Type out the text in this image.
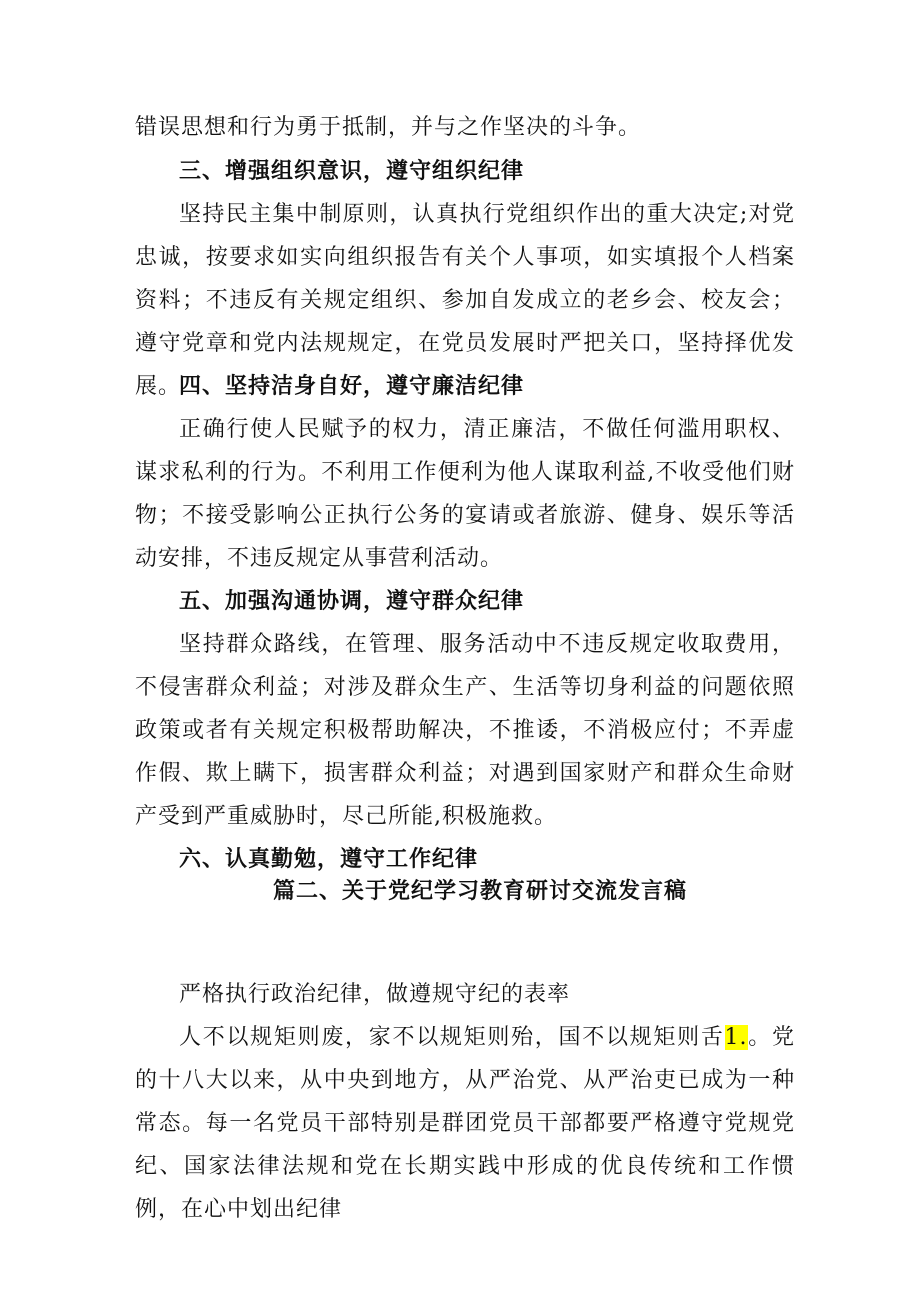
错误思想和行为勇于抵制，并与之作坚决的斗争。

三、增强组织意识，遵守组织纪律

坚持民主集中制原则，认真执行党组织作出的重大决定;对党忠诚，按要求如实向组织报告有关个人事项，如实填报个人档案资料；不违反有关规定组织、参加自发成立的老乡会、校友会；遵守党章和党内法规规定，在党员发展时严把关口，坚持择优发展。

四、坚持洁身自好，遵守廉洁纪律

正确行使人民赋予的权力，清正廉洁，不做任何滥用职权、谋求私利的行为。不利用工作便利为他人谋取利益,不收受他们财物；不接受影响公正执行公务的宴请或者旅游、健身、娱乐等活动安排，不违反规定从事营利活动。

五、加强沟通协调，遵守群众纪律

坚持群众路线，在管理、服务活动中不违反规定收取费用，不侵害群众利益；对涉及群众生产、生活等切身利益的问题依照政策或者有关规定积极帮助解决，不推诿，不消极应付；不弄虚作假、欺上瞒下，损害群众利益；对遇到国家财产和群众生命财产受到严重威胁时，尽己所能,积极施救。

六、认真勤勉，遵守工作纪律

篇二、关于党纪学习教育研讨交流发言稿

严格执行政治纪律，做遵规守纪的表率

人不以规矩则废，家不以规矩则殆，国不以规矩则舌1.。党的十八大以来，从中央到地方，从严治党、从严治吏已成为一种常态。每一名党员干部特别是群团党员干部都要严格遵守党规党纪、国家法律法规和党在长期实践中形成的优良传统和工作惯例，在心中划出纪律
